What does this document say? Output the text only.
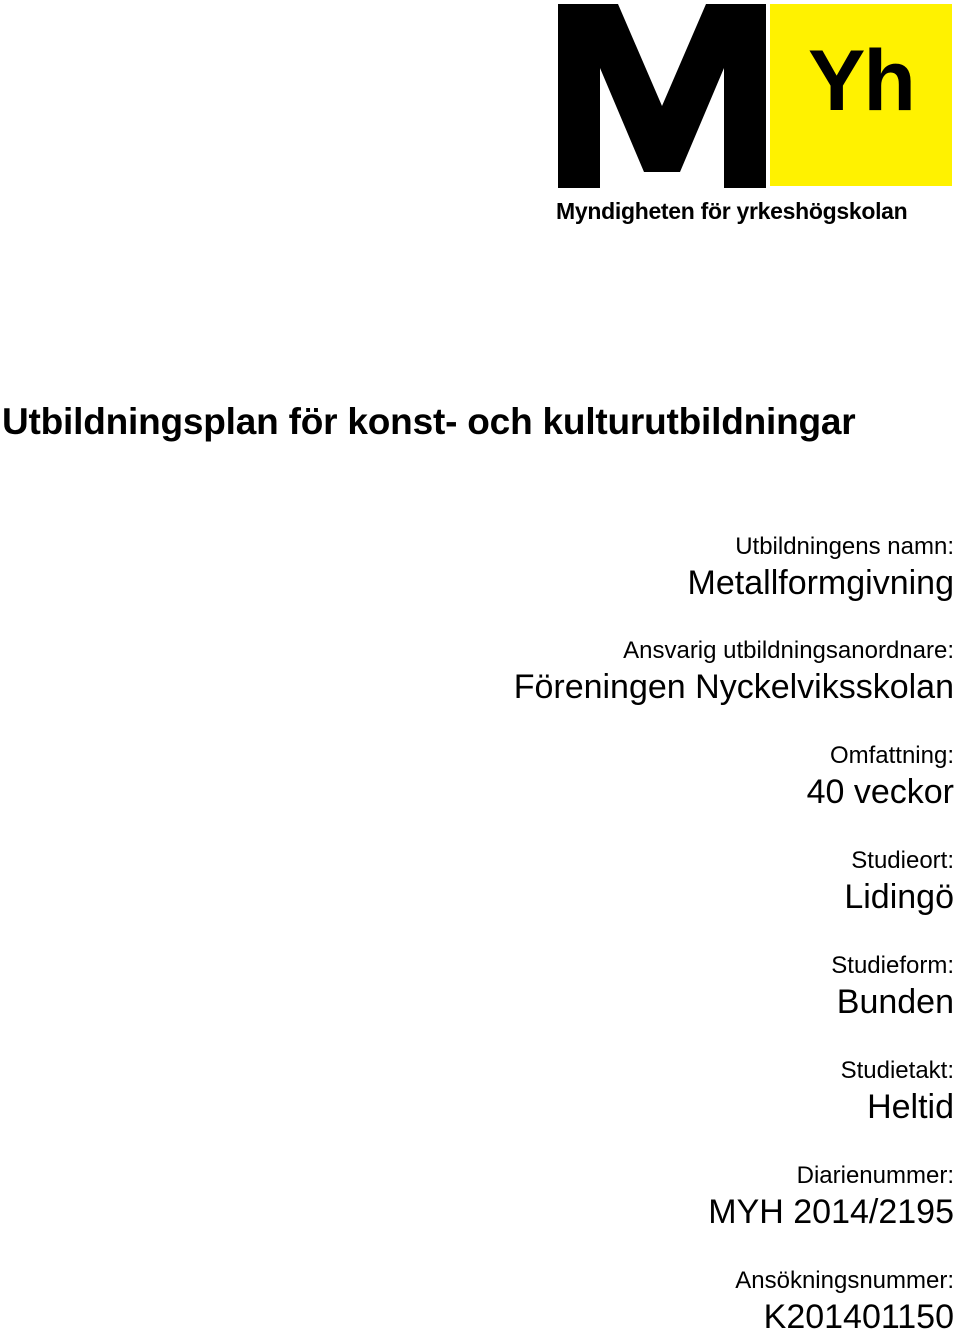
Yh
Myndigheten för yrkeshögskolan
Utbildningsplan för konst- och kulturutbildningar
Utbildningens namn:
Metallformgivning
Ansvarig utbildningsanordnare:
Föreningen Nyckelviksskolan
Omfattning:
40 veckor
Studieort:
Lidingö
Studieform:
Bunden
Studietakt:
Heltid
Diarienummer:
MYH 2014/2195
Ansökningsnummer:
K201401150
